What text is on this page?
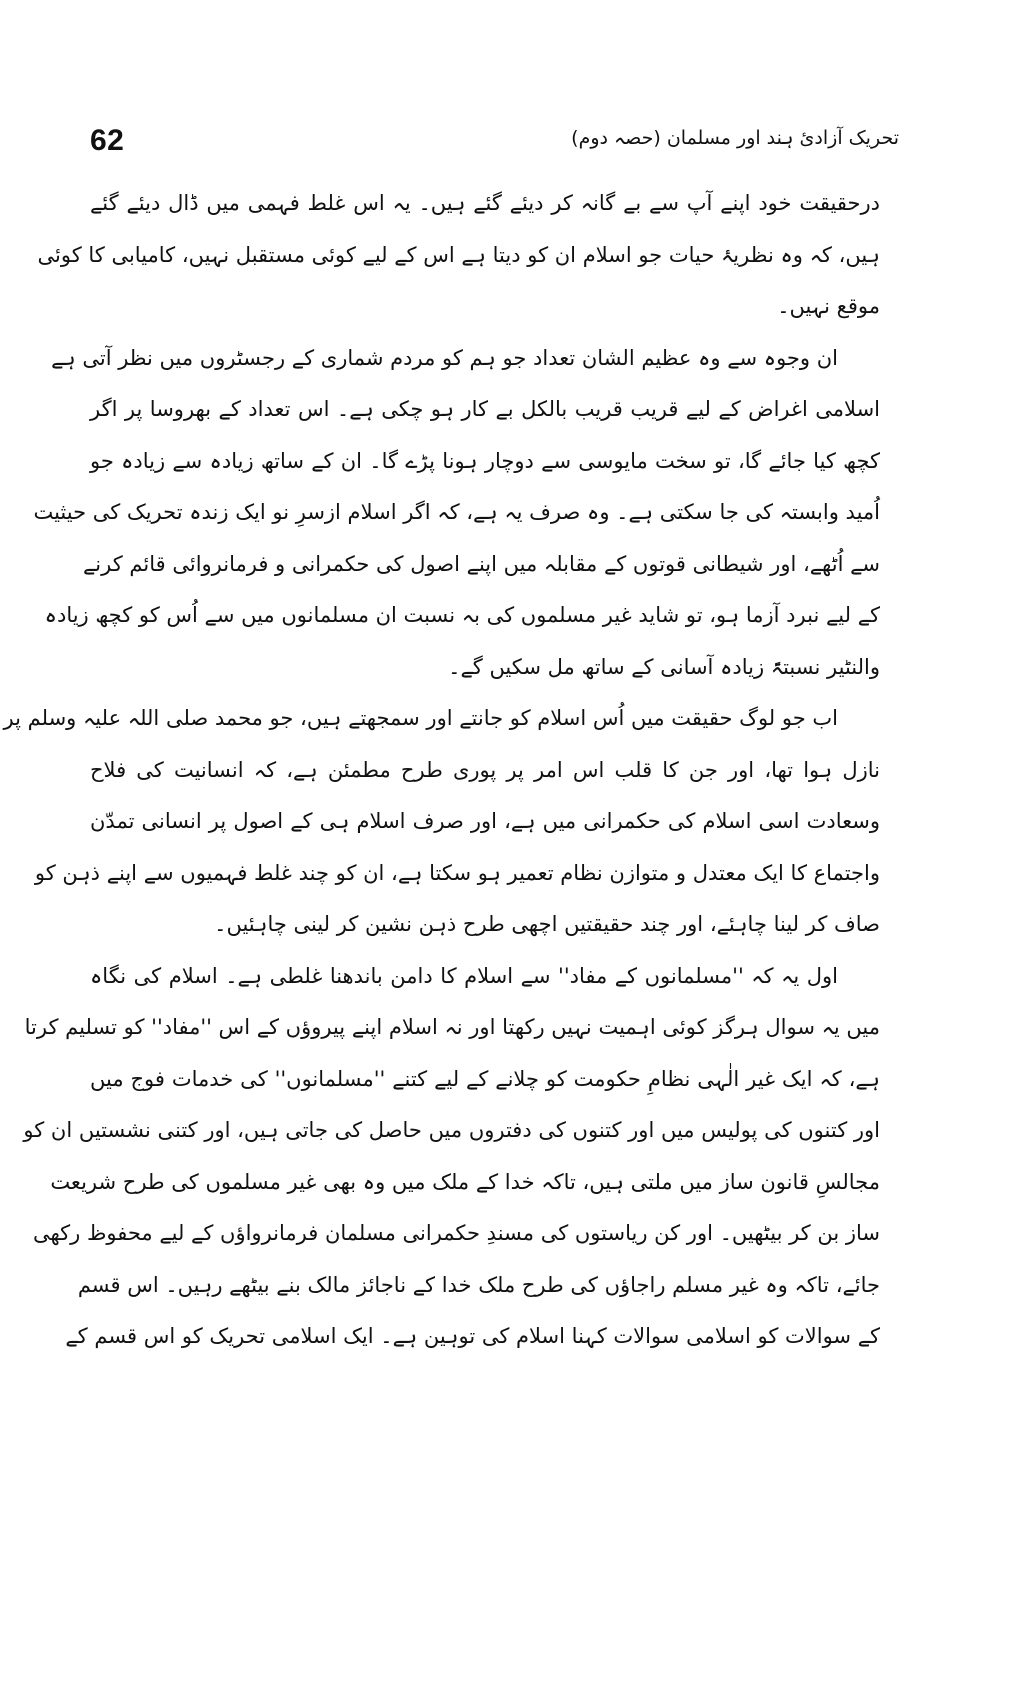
62	تحریک آزادیٔ ہند اور مسلمان (حصہ دوم)
درحقیقت خود اپنے آپ سے بے گانہ کر دیئے گئے ہیں۔ یہ اس غلط فہمی میں ڈال دیئے گئے
ہیں، کہ وہ نظریۂ حیات جو اسلام ان کو دیتا ہے اس کے لیے کوئی مستقبل نہیں، کامیابی کا کوئی
موقع نہیں۔
ان وجوہ سے وہ عظیم الشان تعداد جو ہم کو مردم شماری کے رجسٹروں میں نظر آتی ہے
اسلامی اغراض کے لیے قریب قریب بالکل بے کار ہو چکی ہے۔ اس تعداد کے بھروسا پر اگر
کچھ کیا جائے گا، تو سخت مایوسی سے دوچار ہونا پڑے گا۔ ان کے ساتھ زیادہ سے زیادہ جو
اُمید وابستہ کی جا سکتی ہے۔ وہ صرف یہ ہے، کہ اگر اسلام ازسرِ نو ایک زندہ تحریک کی حیثیت
سے اُٹھے، اور شیطانی قوتوں کے مقابلہ میں اپنے اصول کی حکمرانی و فرمانروائی قائم کرنے
کے لیے نبرد آزما ہو، تو شاید غیر مسلموں کی بہ نسبت ان مسلمانوں میں سے اُس کو کچھ زیادہ
والنٹیر نسبتۃً زیادہ آسانی کے ساتھ مل سکیں گے۔
اب جو لوگ حقیقت میں اُس اسلام کو جانتے اور سمجھتے ہیں، جو محمد صلی اللہ علیہ وسلم پر
نازل ہوا تھا، اور جن کا قلب اس امر پر پوری طرح مطمئن ہے، کہ انسانیت کی فلاح
وسعادت اسی اسلام کی حکمرانی میں ہے، اور صرف اسلام ہی کے اصول پر انسانی تمدّن
واجتماع کا ایک معتدل و متوازن نظام تعمیر ہو سکتا ہے، ان کو چند غلط فہمیوں سے اپنے ذہن کو
صاف کر لینا چاہئے، اور چند حقیقتیں اچھی طرح ذہن نشین کر لینی چاہئیں۔
اول یہ کہ ''مسلمانوں کے مفاد'' سے اسلام کا دامن باندھنا غلطی ہے۔ اسلام کی نگاہ
میں یہ سوال ہرگز کوئی اہمیت نہیں رکھتا اور نہ اسلام اپنے پیروؤں کے اس ''مفاد'' کو تسلیم کرتا
ہے، کہ ایک غیر الٰہی نظامِ حکومت کو چلانے کے لیے کتنے ''مسلمانوں'' کی خدمات فوج میں
اور کتنوں کی پولیس میں اور کتنوں کی دفتروں میں حاصل کی جاتی ہیں، اور کتنی نشستیں ان کو
مجالسِ قانون ساز میں ملتی ہیں، تاکہ خدا کے ملک میں وہ بھی غیر مسلموں کی طرح شریعت
ساز بن کر بیٹھیں۔ اور کن ریاستوں کی مسندِ حکمرانی مسلمان فرمانرواؤں کے لیے محفوظ رکھی
جائے، تاکہ وہ غیر مسلم راجاؤں کی طرح ملک خدا کے ناجائز مالک بنے بیٹھے رہیں۔ اس قسم
کے سوالات کو اسلامی سوالات کہنا اسلام کی توہین ہے۔ ایک اسلامی تحریک کو اس قسم کے
